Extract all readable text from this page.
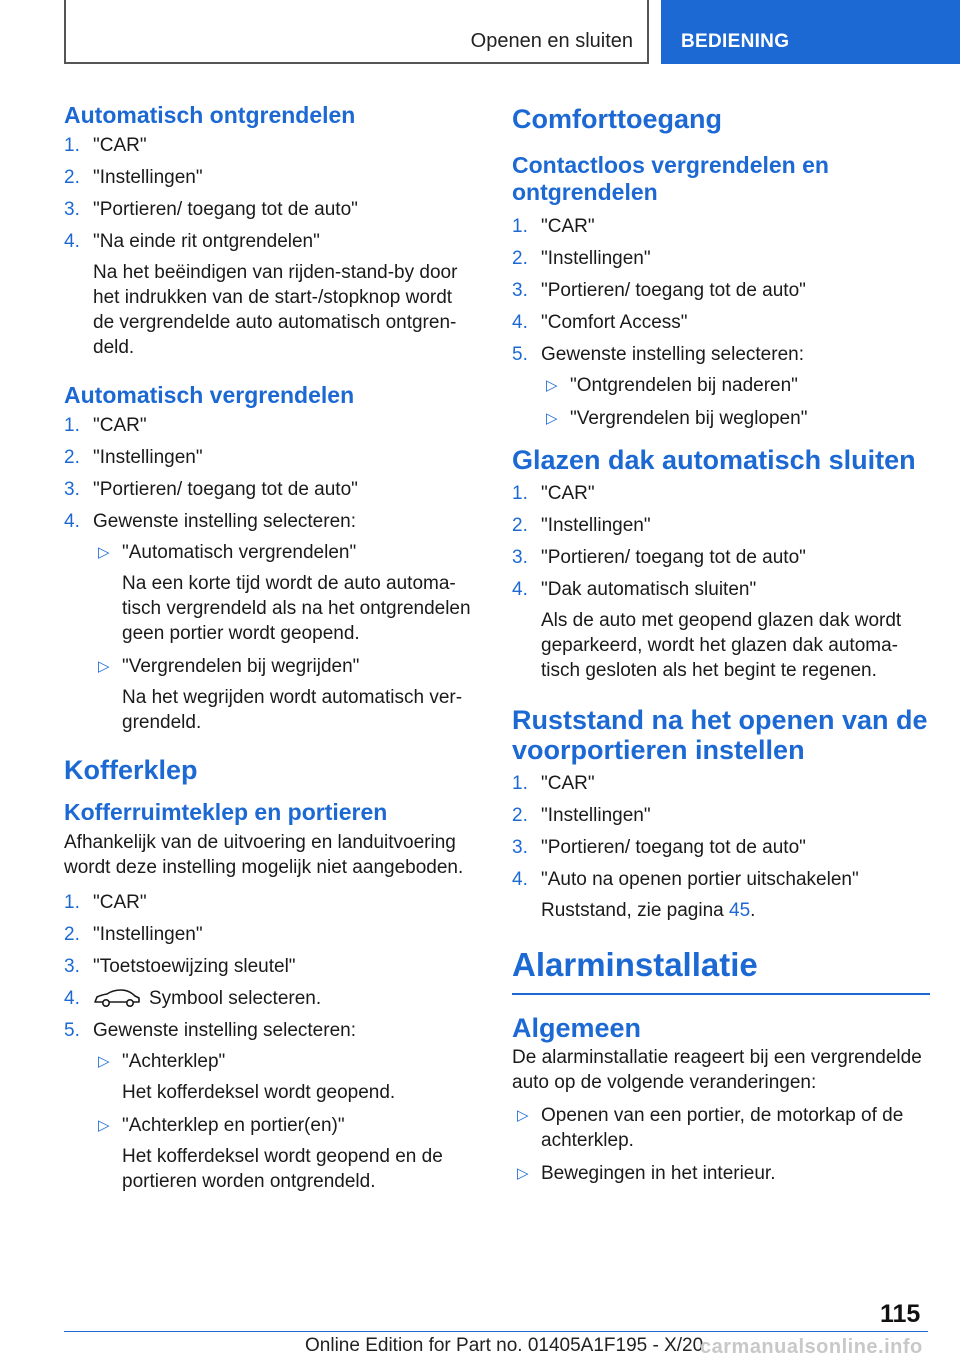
Openen en sluiten	BEDIENING
Automatisch ontgrendelen
1. "CAR"
2. "Instellingen"
3. "Portieren/ toegang tot de auto"
4. "Na einde rit ontgrendelen"
Na het beëindigen van rijden-stand-by door het indrukken van de start-/stopknop wordt de vergrendelde auto automatisch ontgrendeld.
Automatisch vergrendelen
1. "CAR"
2. "Instellingen"
3. "Portieren/ toegang tot de auto"
4. Gewenste instelling selecteren:
▷ "Automatisch vergrendelen"
Na een korte tijd wordt de auto automatisch vergrendeld als na het ontgrendelen geen portier wordt geopend.
▷ "Vergrendelen bij wegrijden"
Na het wegrijden wordt automatisch vergrendeld.
Kofferklep
Kofferruimteklep en portieren

Afhankelijk van de uitvoering en landuitvoering wordt deze instelling mogelijk niet aangeboden.

1. "CAR"
2. "Instellingen"
3. "Toetstoewijzing sleutel"
4.	Symbool selecteren.
5. Gewenste instelling selecteren:
▷ "Achterklep"
Het kofferdeksel wordt geopend.
▷ "Achterklep en portier(en)"
Het kofferdeksel wordt geopend en de portieren worden ontgrendeld.
Comforttoegang
Contactloos vergrendelen en ontgrendelen
1. "CAR"
2. "Instellingen"
3. "Portieren/ toegang tot de auto"
4. "Comfort Access"
5. Gewenste instelling selecteren:
▷ "Ontgrendelen bij naderen"
▷ "Vergrendelen bij weglopen"
Glazen dak automatisch sluiten
1. "CAR"
2. "Instellingen"
3. "Portieren/ toegang tot de auto"
4. "Dak automatisch sluiten"
Als de auto met geopend glazen dak wordt geparkeerd, wordt het glazen dak automatisch gesloten als het begint te regenen.
Ruststand na het openen van de voorportieren instellen
1. "CAR"
2. "Instellingen"
3. "Portieren/ toegang tot de auto"
4. "Auto na openen portier uitschakelen"
Ruststand, zie pagina 45.
Alarminstallatie
Algemeen

De alarminstallatie reageert bij een vergrendelde auto op de volgende veranderingen:

▷ Openen van een portier, de motorkap of de achterklep.
▷ Bewegingen in het interieur.
115
Online Edition for Part no. 01405A1F195 - X/20
carmanualsonline.info
